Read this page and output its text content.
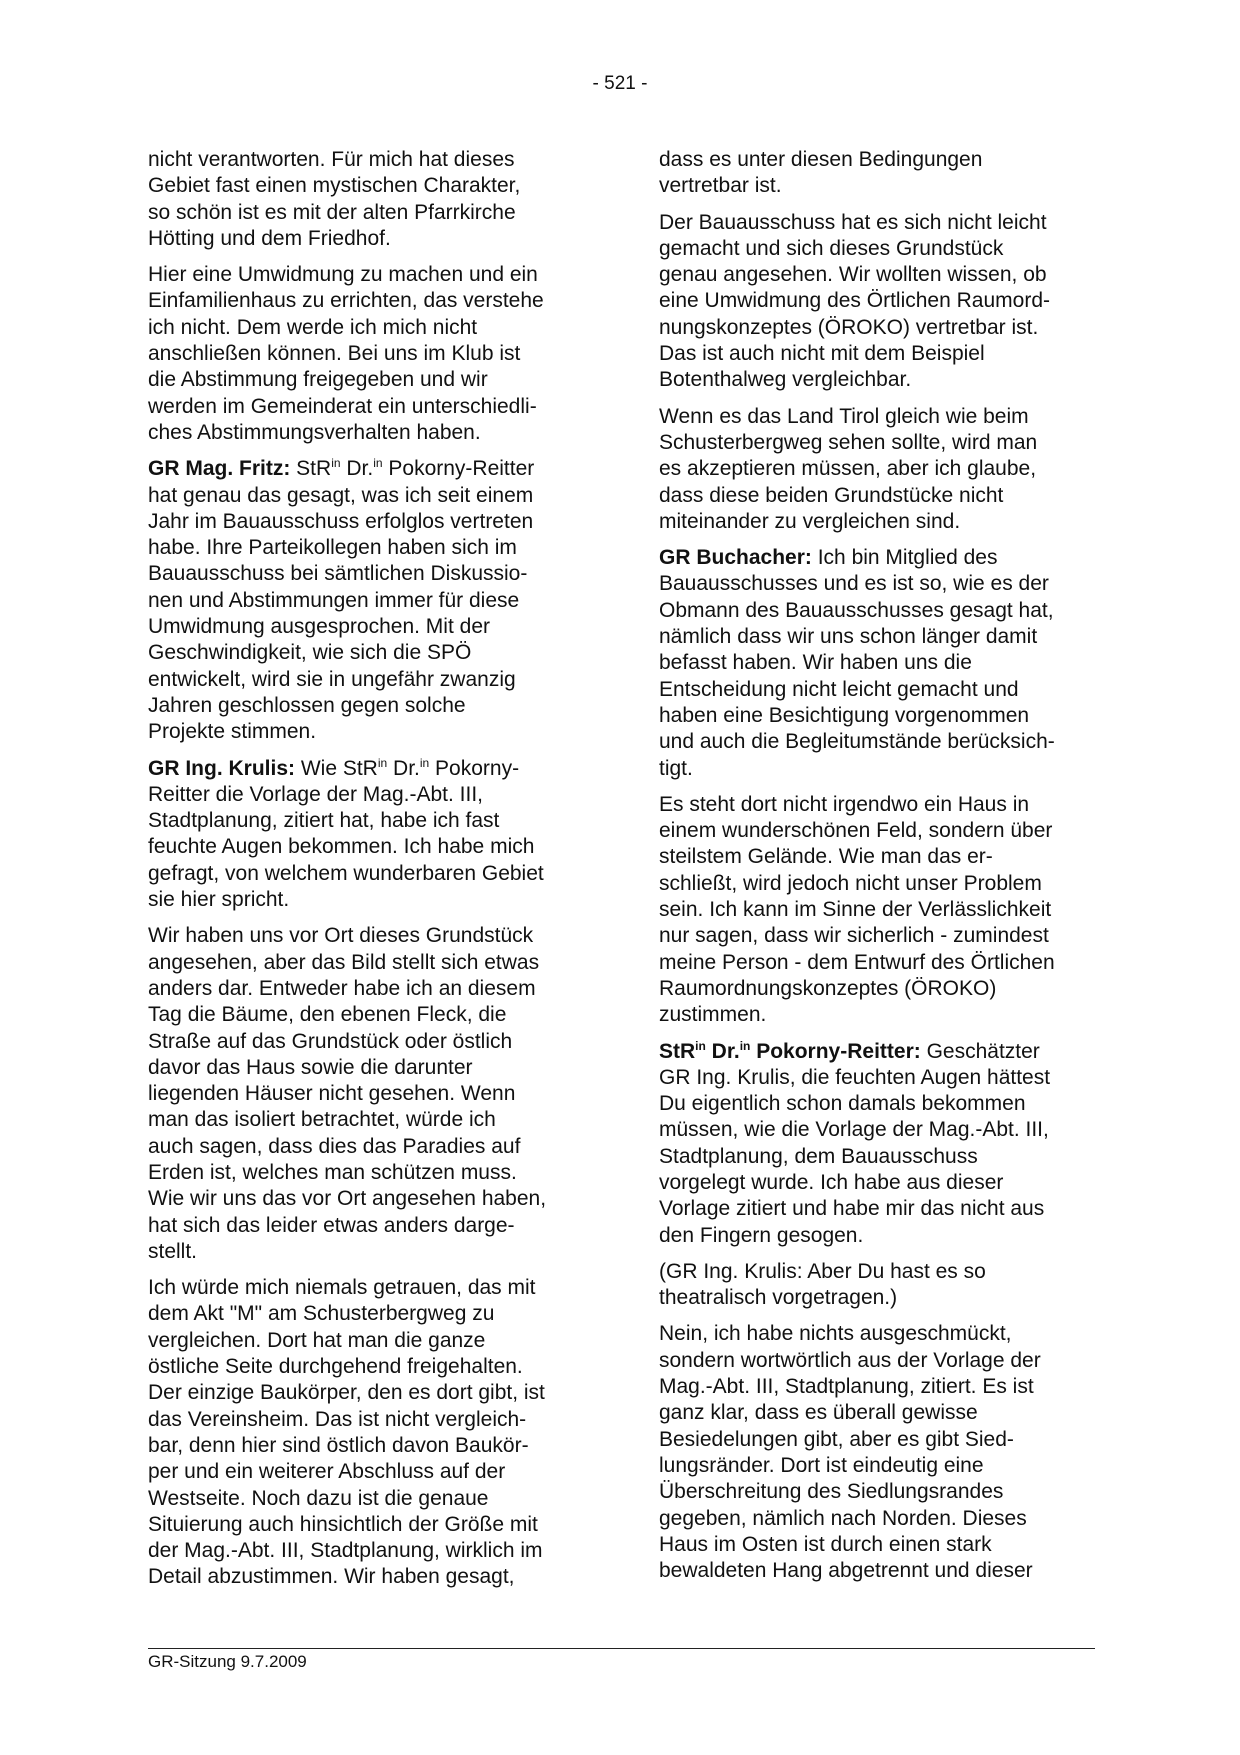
- 521 -

nicht verantworten. Für mich hat dieses
Gebiet fast einen mystischen Charakter,
so schön ist es mit der alten Pfarrkirche
Hötting und dem Friedhof.

Hier eine Umwidmung zu machen und ein
Einfamilienhaus zu errichten, das verstehe
ich nicht. Dem werde ich mich nicht
anschließen können. Bei uns im Klub ist
die Abstimmung freigegeben und wir
werden im Gemeinderat ein unterschiedli-
ches Abstimmungsverhalten haben.

GR Mag. Fritz: StR$^{in}$ Dr.$^{in}$ Pokorny-Reitter
hat genau das gesagt, was ich seit einem
Jahr im Bauausschuss erfolglos vertreten
habe. Ihre Parteikollegen haben sich im
Bauausschuss bei sämtlichen Diskussio-
nen und Abstimmungen immer für diese
Umwidmung ausgesprochen. Mit der
Geschwindigkeit, wie sich die SPÖ
entwickelt, wird sie in ungefähr zwanzig
Jahren geschlossen gegen solche
Projekte stimmen.

GR Ing. Krulis: Wie StR$^{in}$ Dr.$^{in}$ Pokorny-
Reitter die Vorlage der Mag.-Abt. III,
Stadtplanung, zitiert hat, habe ich fast
feuchte Augen bekommen. Ich habe mich
gefragt, von welchem wunderbaren Gebiet
sie hier spricht.

Wir haben uns vor Ort dieses Grundstück
angesehen, aber das Bild stellt sich etwas
anders dar. Entweder habe ich an diesem
Tag die Bäume, den ebenen Fleck, die
Straße auf das Grundstück oder östlich
davor das Haus sowie die darunter
liegenden Häuser nicht gesehen. Wenn
man das isoliert betrachtet, würde ich
auch sagen, dass dies das Paradies auf
Erden ist, welches man schützen muss.
Wie wir uns das vor Ort angesehen haben,
hat sich das leider etwas anders darge-
stellt.

Ich würde mich niemals getrauen, das mit
dem Akt "M" am Schusterbergweg zu
vergleichen. Dort hat man die ganze
östliche Seite durchgehend freigehalten.
Der einzige Baukörper, den es dort gibt, ist
das Vereinsheim. Das ist nicht vergleich-
bar, denn hier sind östlich davon Baukör-
per und ein weiterer Abschluss auf der
Westseite. Noch dazu ist die genaue
Situierung auch hinsichtlich der Größe mit
der Mag.-Abt. III, Stadtplanung, wirklich im
Detail abzustimmen. Wir haben gesagt,

dass es unter diesen Bedingungen
vertretbar ist.

Der Bauausschuss hat es sich nicht leicht
gemacht und sich dieses Grundstück
genau angesehen. Wir wollten wissen, ob
eine Umwidmung des Örtlichen Raumord-
nungskonzeptes (ÖROKO) vertretbar ist.
Das ist auch nicht mit dem Beispiel
Botenthalweg vergleichbar.

Wenn es das Land Tirol gleich wie beim
Schusterbergweg sehen sollte, wird man
es akzeptieren müssen, aber ich glaube,
dass diese beiden Grundstücke nicht
miteinander zu vergleichen sind.

GR Buchacher: Ich bin Mitglied des
Bauausschusses und es ist so, wie es der
Obmann des Bauausschusses gesagt hat,
nämlich dass wir uns schon länger damit
befasst haben. Wir haben uns die
Entscheidung nicht leicht gemacht und
haben eine Besichtigung vorgenommen
und auch die Begleitumstände berücksich-
tigt.

Es steht dort nicht irgendwo ein Haus in
einem wunderschönen Feld, sondern über
steilstem Gelände. Wie man das er-
schließt, wird jedoch nicht unser Problem
sein. Ich kann im Sinne der Verlässlichkeit
nur sagen, dass wir sicherlich - zumindest
meine Person - dem Entwurf des Örtlichen
Raumordnungskonzeptes (ÖROKO)
zustimmen.

StR$^{in}$ Dr.$^{in}$ Pokorny-Reitter: Geschätzter
GR Ing. Krulis, die feuchten Augen hättest
Du eigentlich schon damals bekommen
müssen, wie die Vorlage der Mag.-Abt. III,
Stadtplanung, dem Bauausschuss
vorgelegt wurde. Ich habe aus dieser
Vorlage zitiert und habe mir das nicht aus
den Fingern gesogen.

(GR Ing. Krulis: Aber Du hast es so
theatralisch vorgetragen.)

Nein, ich habe nichts ausgeschmückt,
sondern wortwörtlich aus der Vorlage der
Mag.-Abt. III, Stadtplanung, zitiert. Es ist
ganz klar, dass es überall gewisse
Besiedelungen gibt, aber es gibt Sied-
lungsränder. Dort ist eindeutig eine
Überschreitung des Siedlungsrandes
gegeben, nämlich nach Norden. Dieses
Haus im Osten ist durch einen stark
bewaldeten Hang abgetrennt und dieser

GR-Sitzung 9.7.2009
